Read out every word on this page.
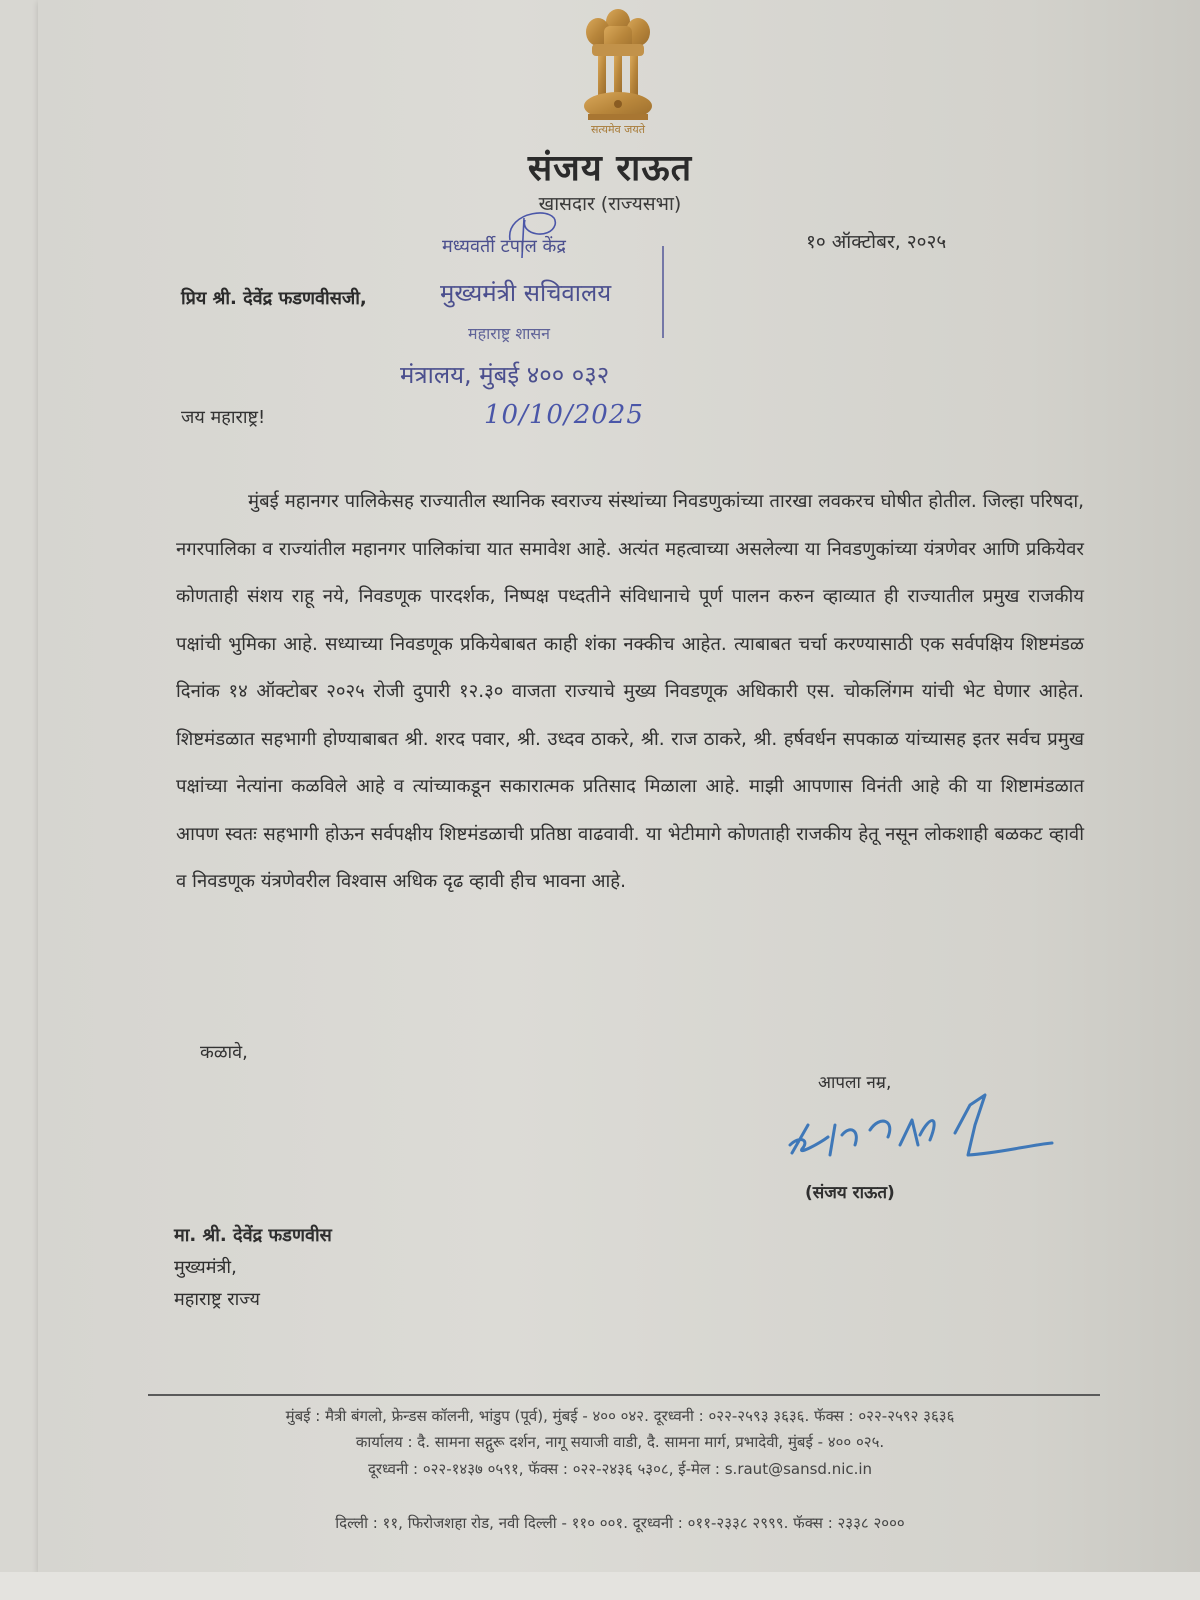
सत्यमेव जयते
संजय राऊत
खासदार (राज्यसभा)
१० ऑक्टोबर, २०२५
प्रिय श्री. देवेंद्र फडणवीसजी,
मध्यवर्ती टपाल केंद्र
मुख्यमंत्री सचिवालय
महाराष्ट्र शासन
मंत्रालय, मुंबई ४०० ०३२
10/10/2025
जय महाराष्ट्र!
मुंबई महानगर पालिकेसह राज्यातील स्थानिक स्वराज्य संस्थांच्या निवडणुकांच्या तारखा लवकरच घोषीत होतील. जिल्हा परिषदा, नगरपालिका व राज्यांतील महानगर पालिकांचा यात समावेश आहे. अत्यंत महत्वाच्या असलेल्या या निवडणुकांच्या यंत्रणेवर आणि प्रकियेवर कोणताही संशय राहू नये, निवडणूक पारदर्शक, निष्पक्ष पध्दतीने संविधानाचे पूर्ण पालन करुन व्हाव्यात ही राज्यातील प्रमुख राजकीय पक्षांची भुमिका आहे. सध्याच्या निवडणूक प्रकियेबाबत काही शंका नक्कीच आहेत. त्याबाबत चर्चा करण्यासाठी एक सर्वपक्षिय शिष्टमंडळ दिनांक १४ ऑक्टोबर २०२५ रोजी दुपारी १२.३० वाजता राज्याचे मुख्य निवडणूक अधिकारी एस. चोकलिंगम यांची भेट घेणार आहेत. शिष्टमंडळात सहभागी होण्याबाबत श्री. शरद पवार, श्री. उध्दव ठाकरे, श्री. राज ठाकरे, श्री. हर्षवर्धन सपकाळ यांच्यासह इतर सर्वच प्रमुख पक्षांच्या नेत्यांना कळविले आहे व त्यांच्याकडून सकारात्मक प्रतिसाद मिळाला आहे. माझी आपणास विनंती आहे की या शिष्टामंडळात आपण स्वतः सहभागी होऊन सर्वपक्षीय शिष्टमंडळाची प्रतिष्ठा वाढवावी. या भेटीमागे कोणताही राजकीय हेतू नसून लोकशाही बळकट व्हावी व निवडणूक यंत्रणेवरील विश्वास अधिक दृढ व्हावी हीच भावना आहे.
कळावे,
आपला नम्र,
(संजय राऊत)
मा. श्री. देवेंद्र फडणवीस
मुख्यमंत्री,
महाराष्ट्र राज्य
मुंबई : मैत्री बंगलो, फ्रेन्डस कॉलनी, भांडुप (पूर्व), मुंबई - ४०० ०४२. दूरध्वनी : ०२२-२५९३ ३६३६. फॅक्स : ०२२-२५९२ ३६३६
कार्यालय : दै. सामना सद्गुरू दर्शन, नागू सयाजी वाडी, दै. सामना मार्ग, प्रभादेवी, मुंबई - ४०० ०२५.
दूरध्वनी : ०२२-१४३७ ०५९१, फॅक्स : ०२२-२४३६ ५३०८, ई-मेल : s.raut@sansd.nic.in
दिल्ली : ११, फिरोजशहा रोड, नवी दिल्ली - ११० ००१. दूरध्वनी : ०११-२३३८ २९९९. फॅक्स : २३३८ २०००
